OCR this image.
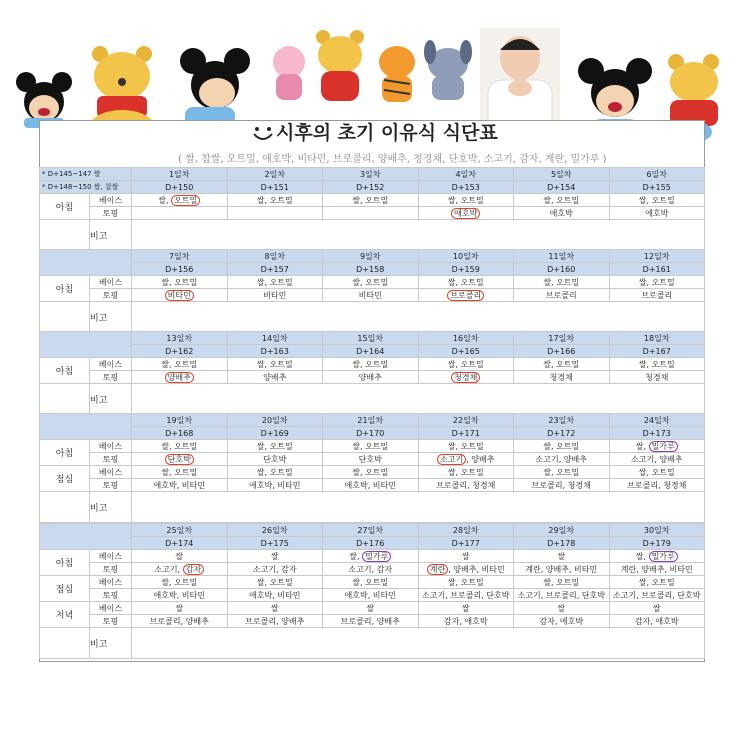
시후의 초기 이유식 식단표
( 쌀, 찹쌀, 오트밀, 애호박, 비타민, 브로콜리, 양배추, 청경채, 단호박, 소고기, 감자, 계란, 밀가루 )
* D+145~147 쌀		1일차	2일차	3일차	4일차	5일차	6일차
* D+148~150 쌀, 찹쌀		D+150	D+151	D+152	D+153	D+154	D+155
아침	베이스	쌀, 오트밀	쌀, 오트밀	쌀, 오트밀	쌀, 오트밀	쌀, 오트밀	쌀, 오트밀
	토핑				애호박	애호박	애호박
	비고						
		7일차	8일차	9일차	10일차	11일차	12일차
		D+156	D+157	D+158	D+159	D+160	D+161
아침	베이스	쌀, 오트밀	쌀, 오트밀	쌀, 오트밀	쌀, 오트밀	쌀, 오트밀	쌀, 오트밀
	토핑	비타민	비타민	비타민	브로콜리	브로콜리	브로콜리
	비고						
		13일차	14일차	15일차	16일차	17일차	18일차
		D+162	D+163	D+164	D+165	D+166	D+167
아침	베이스	쌀, 오트밀	쌀, 오트밀	쌀, 오트밀	쌀, 오트밀	쌀, 오트밀	쌀, 오트밀
	토핑	양배추	양배추	양배추	청경채	청경채	청경채
	비고						
		19일차	20일차	21일차	22일차	23일차	24일차
		D+168	D+169	D+170	D+171	D+172	D+173
아침	베이스	쌀, 오트밀	쌀, 오트밀	쌀, 오트밀	쌀, 오트밀	쌀, 오트밀	쌀, 밀가루
	토핑	단호박	단호박	단호박	소고기 , 양배추	소고기, 양배추	소고기, 양배추
점심	베이스	쌀, 오트밀	쌀, 오트밀	쌀, 오트밀	쌀, 오트밀	쌀, 오트밀	쌀, 오트밀
	토핑	애호박, 비타민	애호박, 비타민	애호박, 비타민	브로콜리, 청경채	브로콜리, 청경채	브로콜리, 청경채
	비고						
		25일차	26일차	27일차	28일차	29일차	30일차
		D+174	D+175	D+176	D+177	D+178	D+179
아침	베이스	쌀	쌀	쌀, 밀가루	쌀	쌀	쌀, 밀가루
	토핑	소고기, 감자	소고기, 감자	소고기, 감자	계란 , 양배추, 비타민	계란, 양배추, 비타민	계란, 양배추, 비타민
점심	베이스	쌀, 오트밀	쌀, 오트밀	쌀, 오트밀	쌀, 오트밀	쌀, 오트밀	쌀, 오트밀
	토핑	애호박, 비타민	애호박, 비타민	애호박, 비타민	소고기, 브로콜리, 단호박	소고기, 브로콜리, 단호박	소고기, 브로콜리, 단호박
저녁	베이스	쌀	쌀	쌀	쌀	쌀	쌀
	토핑	브로콜리, 양배추	브로콜리, 양배추	브로콜리, 양배추	감자, 애호박	감자, 애호박	감자, 애호박
	비고						
